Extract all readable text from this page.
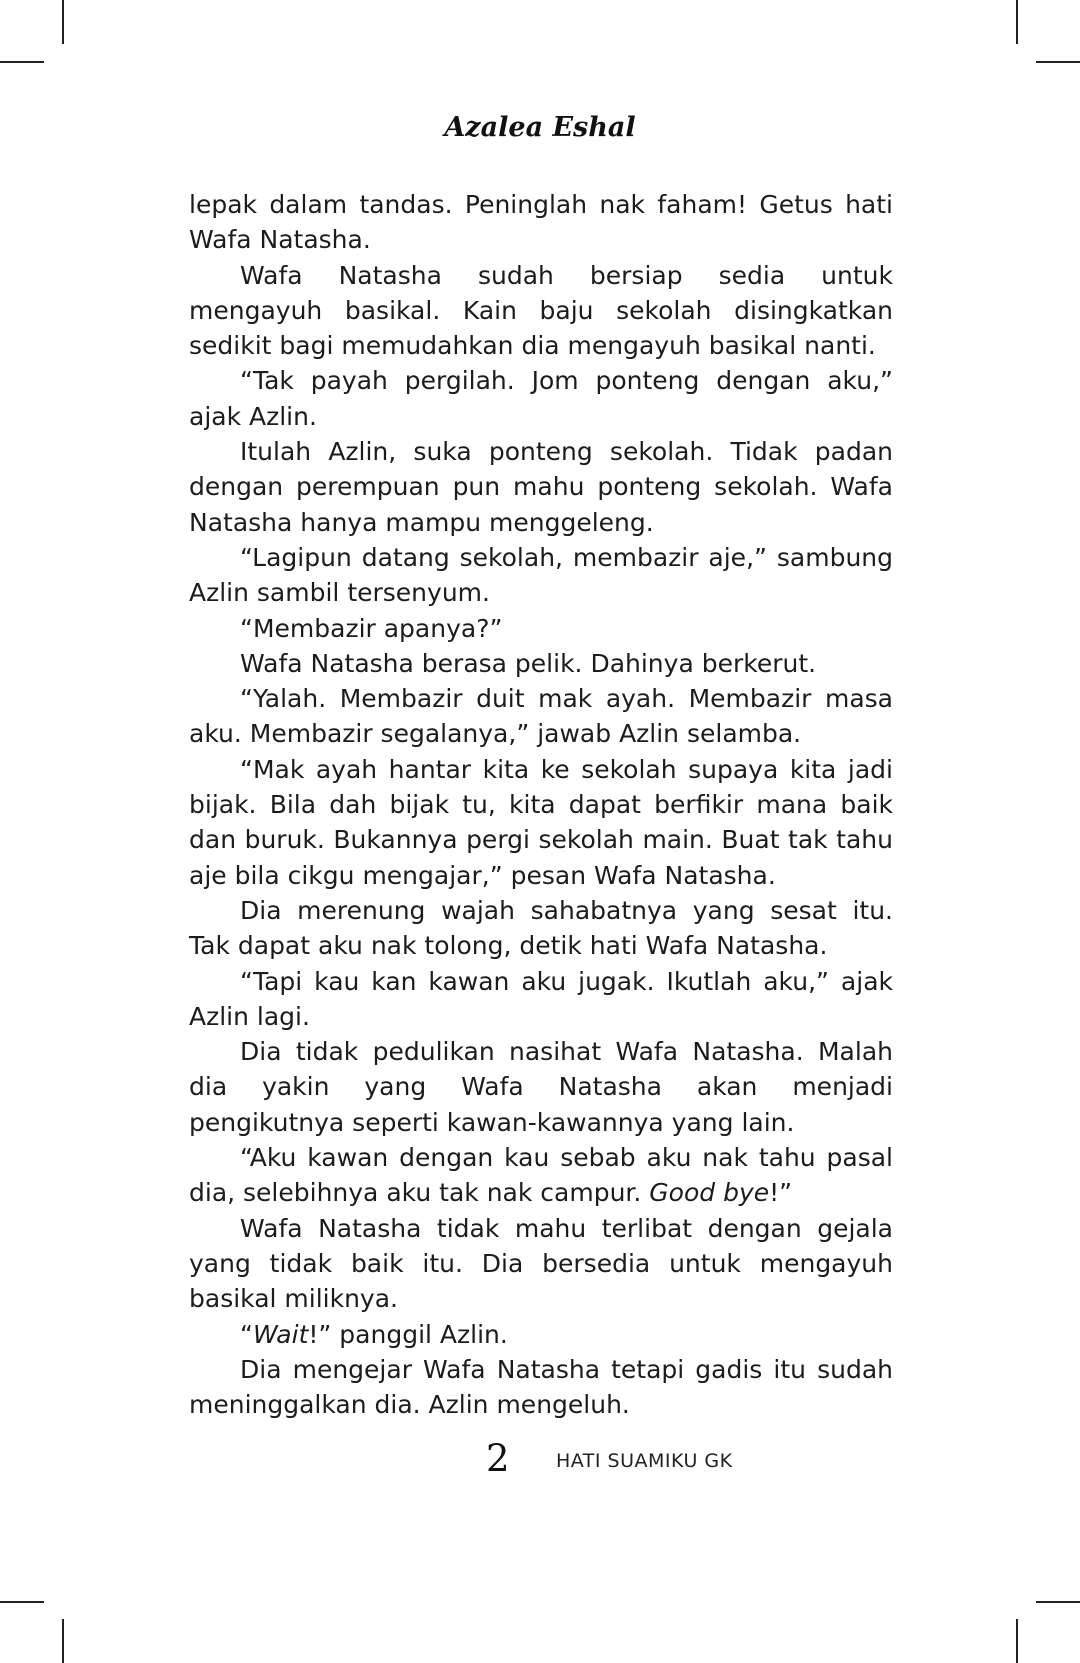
Azalea Eshal

lepak dalam tandas. Peninglah nak faham! Getus hati Wafa Natasha.

Wafa Natasha sudah bersiap sedia untuk mengayuh basikal. Kain baju sekolah disingkatkan sedikit bagi memudahkan dia mengayuh basikal nanti.

“Tak payah pergilah. Jom ponteng dengan aku,” ajak Azlin.

Itulah Azlin, suka ponteng sekolah. Tidak padan dengan perempuan pun mahu ponteng sekolah. Wafa Natasha hanya mampu menggeleng.

“Lagipun datang sekolah, membazir aje,” sambung Azlin sambil tersenyum.

“Membazir apanya?”

Wafa Natasha berasa pelik. Dahinya berkerut.

“Yalah. Membazir duit mak ayah. Membazir masa aku. Membazir segalanya,” jawab Azlin selamba.

“Mak ayah hantar kita ke sekolah supaya kita jadi bijak. Bila dah bijak tu, kita dapat berfikir mana baik dan buruk. Bukannya pergi sekolah main. Buat tak tahu aje bila cikgu mengajar,” pesan Wafa Natasha.

Dia merenung wajah sahabatnya yang sesat itu. Tak dapat aku nak tolong, detik hati Wafa Natasha.

“Tapi kau kan kawan aku jugak. Ikutlah aku,” ajak Azlin lagi.

Dia tidak pedulikan nasihat Wafa Natasha. Malah dia yakin yang Wafa Natasha akan menjadi pengikutnya seperti kawan-kawannya yang lain.

“Aku kawan dengan kau sebab aku nak tahu pasal dia, selebihnya aku tak nak campur. Good bye!”

Wafa Natasha tidak mahu terlibat dengan gejala yang tidak baik itu. Dia bersedia untuk mengayuh basikal miliknya.

“Wait!” panggil Azlin.

Dia mengejar Wafa Natasha tetapi gadis itu sudah meninggalkan dia. Azlin mengeluh.

2 HATI SUAMIKU GK
